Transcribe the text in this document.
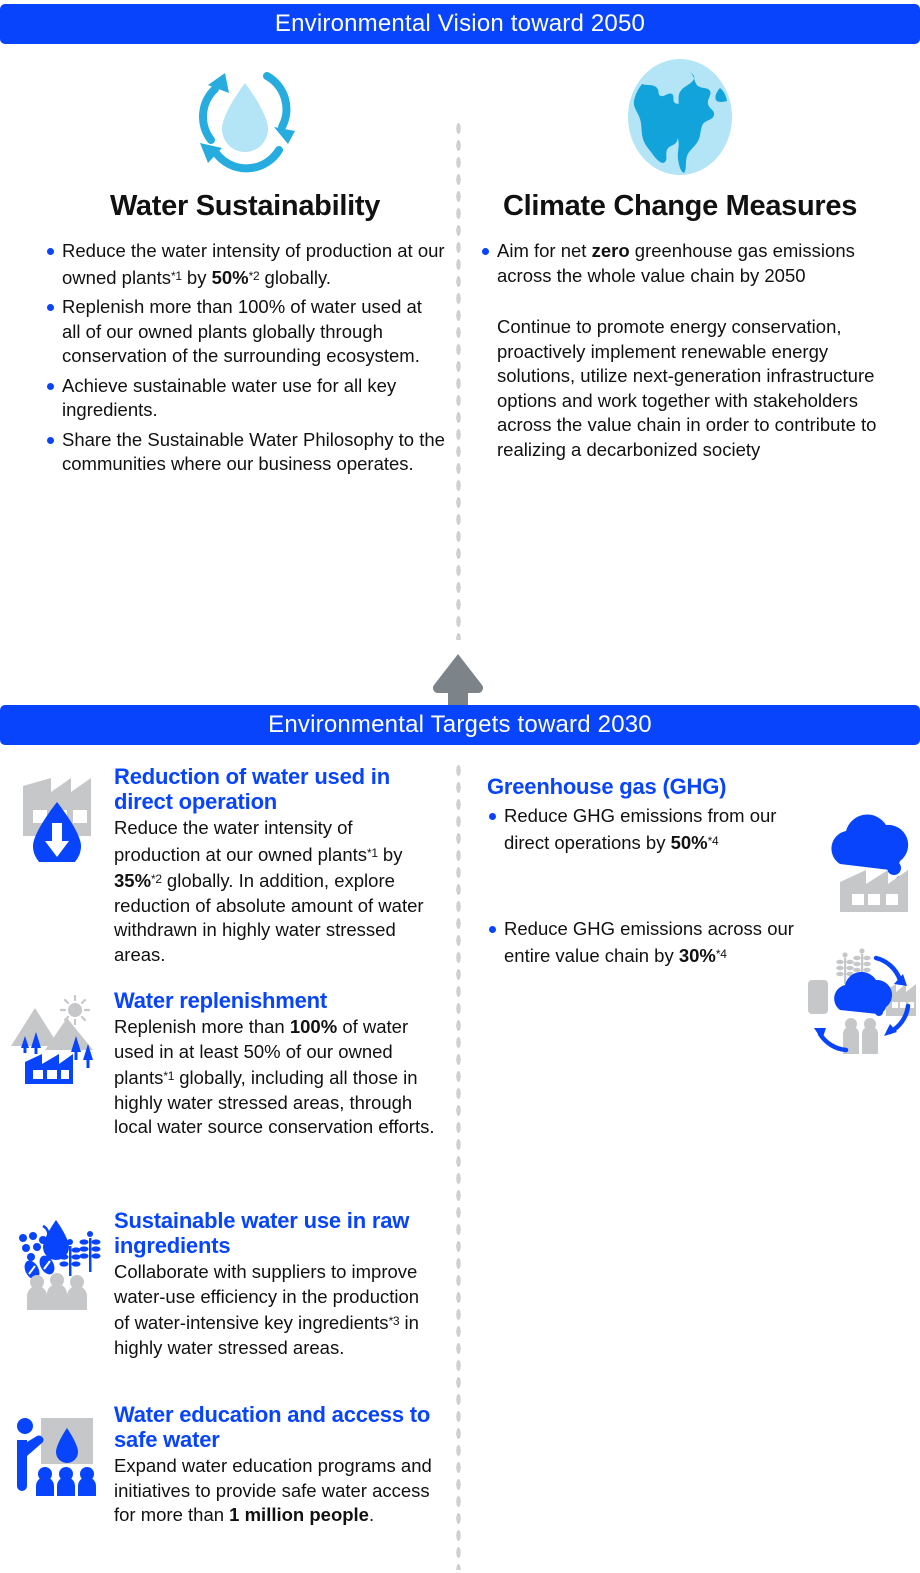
Environmental Vision toward 2050
Water Sustainability
Reduce the water intensity of production at our owned plants$^{*1}$ by 50%$^{*2}$ globally.
Replenish more than 100% of water used at all of our owned plants globally through conservation of the surrounding ecosystem.
Achieve sustainable water use for all key ingredients.
Share the Sustainable Water Philosophy to the communities where our business operates.
Climate Change Measures
Aim for net zero greenhouse gas emissions across the whole value chain by 2050
Continue to promote energy conservation, proactively implement renewable energy solutions, utilize next-generation infrastructure options and work together with stakeholders across the value chain in order to contribute to realizing a decarbonized society
Environmental Targets toward 2030
Reduction of water used in direct operation
Reduce the water intensity of production at our owned plants$^{*1}$ by 35%$^{*2}$ globally. In addition, explore reduction of absolute amount of water withdrawn in highly water stressed areas.
Water replenishment
Replenish more than 100% of water used in at least 50% of our owned plants$^{*1}$ globally, including all those in highly water stressed areas, through local water source conservation efforts.
Sustainable water use in raw ingredients
Collaborate with suppliers to improve water-use efficiency in the production of water-intensive key ingredients$^{*3}$ in highly water stressed areas.
Water education and access to safe water
Expand water education programs and initiatives to provide safe water access for more than 1 million people.
Greenhouse gas (GHG)
Reduce GHG emissions from our direct operations by 50%$^{*4}$
Reduce GHG emissions across our entire value chain by 30%$^{*4}$
